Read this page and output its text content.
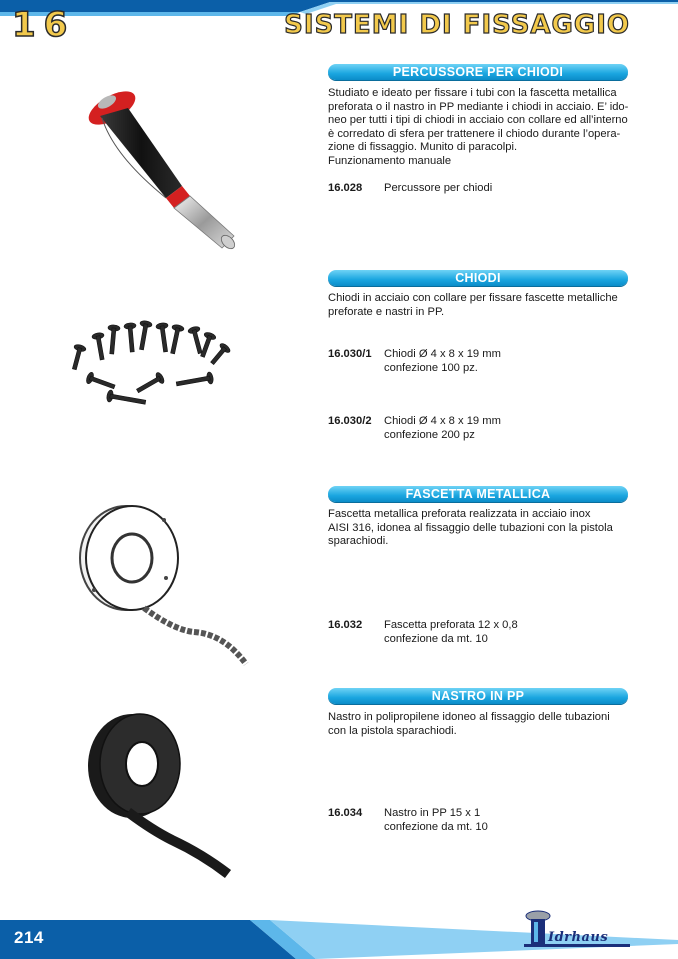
16	SISTEMI DI FISSAGGIO
PERCUSSORE PER CHIODI
Studiato e ideato per fissare i tubi con la fascetta metallica
preforata o il nastro in PP mediante i chiodi in acciaio. E’ ido-
neo per tutti i tipi di chiodi in acciaio con collare ed all’interno
è corredato di sfera per trattenere il chiodo durante l’opera-
zione di fissaggio. Munito di paracolpi.
Funzionamento manuale
16.028 Percussore per chiodi
CHIODI
Chiodi in acciaio con collare per fissare fascette metalliche
preforate e nastri in PP.
16.030/1 Chiodi Ø 4 x 8 x 19 mm
confezione 100 pz.
16.030/2 Chiodi Ø 4 x 8 x 19 mm
confezione 200 pz
FASCETTA METALLICA
Fascetta metallica preforata realizzata in acciaio inox
AISI 316, idonea al fissaggio delle tubazioni con la pistola
sparachiodi.
16.032 Fascetta preforata 12 x 0,8
confezione da mt. 10
NASTRO IN PP
Nastro in polipropilene idoneo al fissaggio delle tubazioni
con la pistola sparachiodi.
16.034 Nastro in PP 15 x 1
confezione da mt. 10
214	Idrhaus
